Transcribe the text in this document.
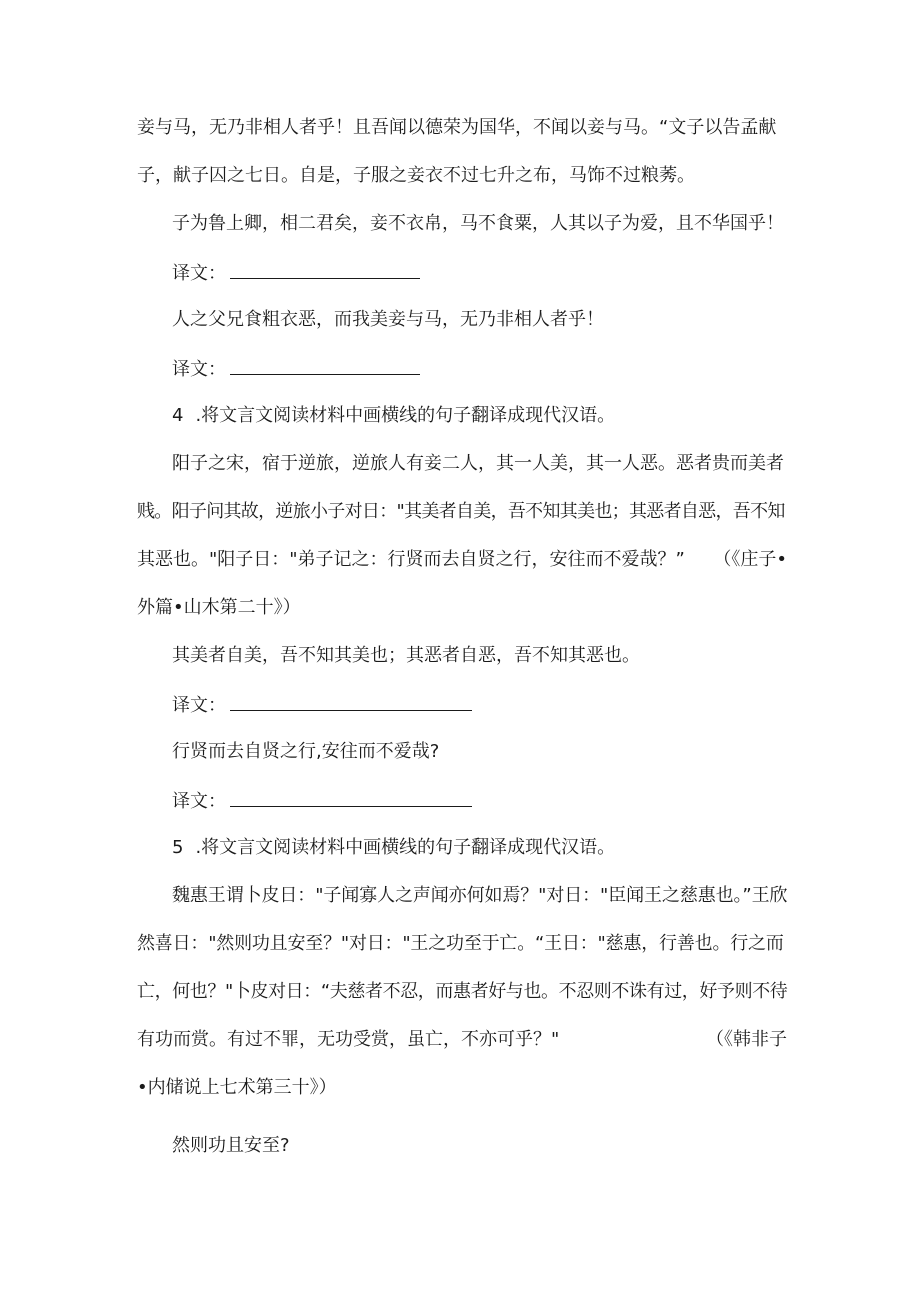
妾与马，无乃非相人者乎！且吾闻以德荣为国华，不闻以妾与马。“文子以告孟献
子，献子囚之七日。自是，子服之妾衣不过七升之布，马饰不过粮莠。
子为鲁上卿，相二君矣，妾不衣帛，马不食粟，人其以子为爱，且不华国乎！
译文：
人之父兄食粗衣恶，而我美妾与马，无乃非相人者乎！
译文：
4 .将文言文阅读材料中画横线的句子翻译成现代汉语。
阳子之宋，宿于逆旅，逆旅人有妾二人，其一人美，其一人恶。恶者贵而美者
贱。阳子问其故，逆旅小子对日："其美者自美，吾不知其美也；其恶者自恶，吾不知
其恶也。"阳子日："弟子记之：行贤而去自贤之行，安往而不爱哉？” （《庄子•
外篇•山木第二十》）
其美者自美，吾不知其美也；其恶者自恶，吾不知其恶也。
译文：
行贤而去自贤之行,安往而不爱哉?
译文：
5 .将文言文阅读材料中画横线的句子翻译成现代汉语。
魏惠王谓卜皮日："子闻寡人之声闻亦何如焉？"对日："臣闻王之慈惠也。”王欣
然喜日："然则功且安至？"对日："王之功至于亡。“王日："慈惠，行善也。行之而
亡，何也？"卜皮对日：“夫慈者不忍，而惠者好与也。不忍则不诛有过，好予则不待
有功而赏。有过不罪，无功受赏，虽亡，不亦可乎？"	（《韩非子
•内储说上七术第三十》）
然则功且安至?
